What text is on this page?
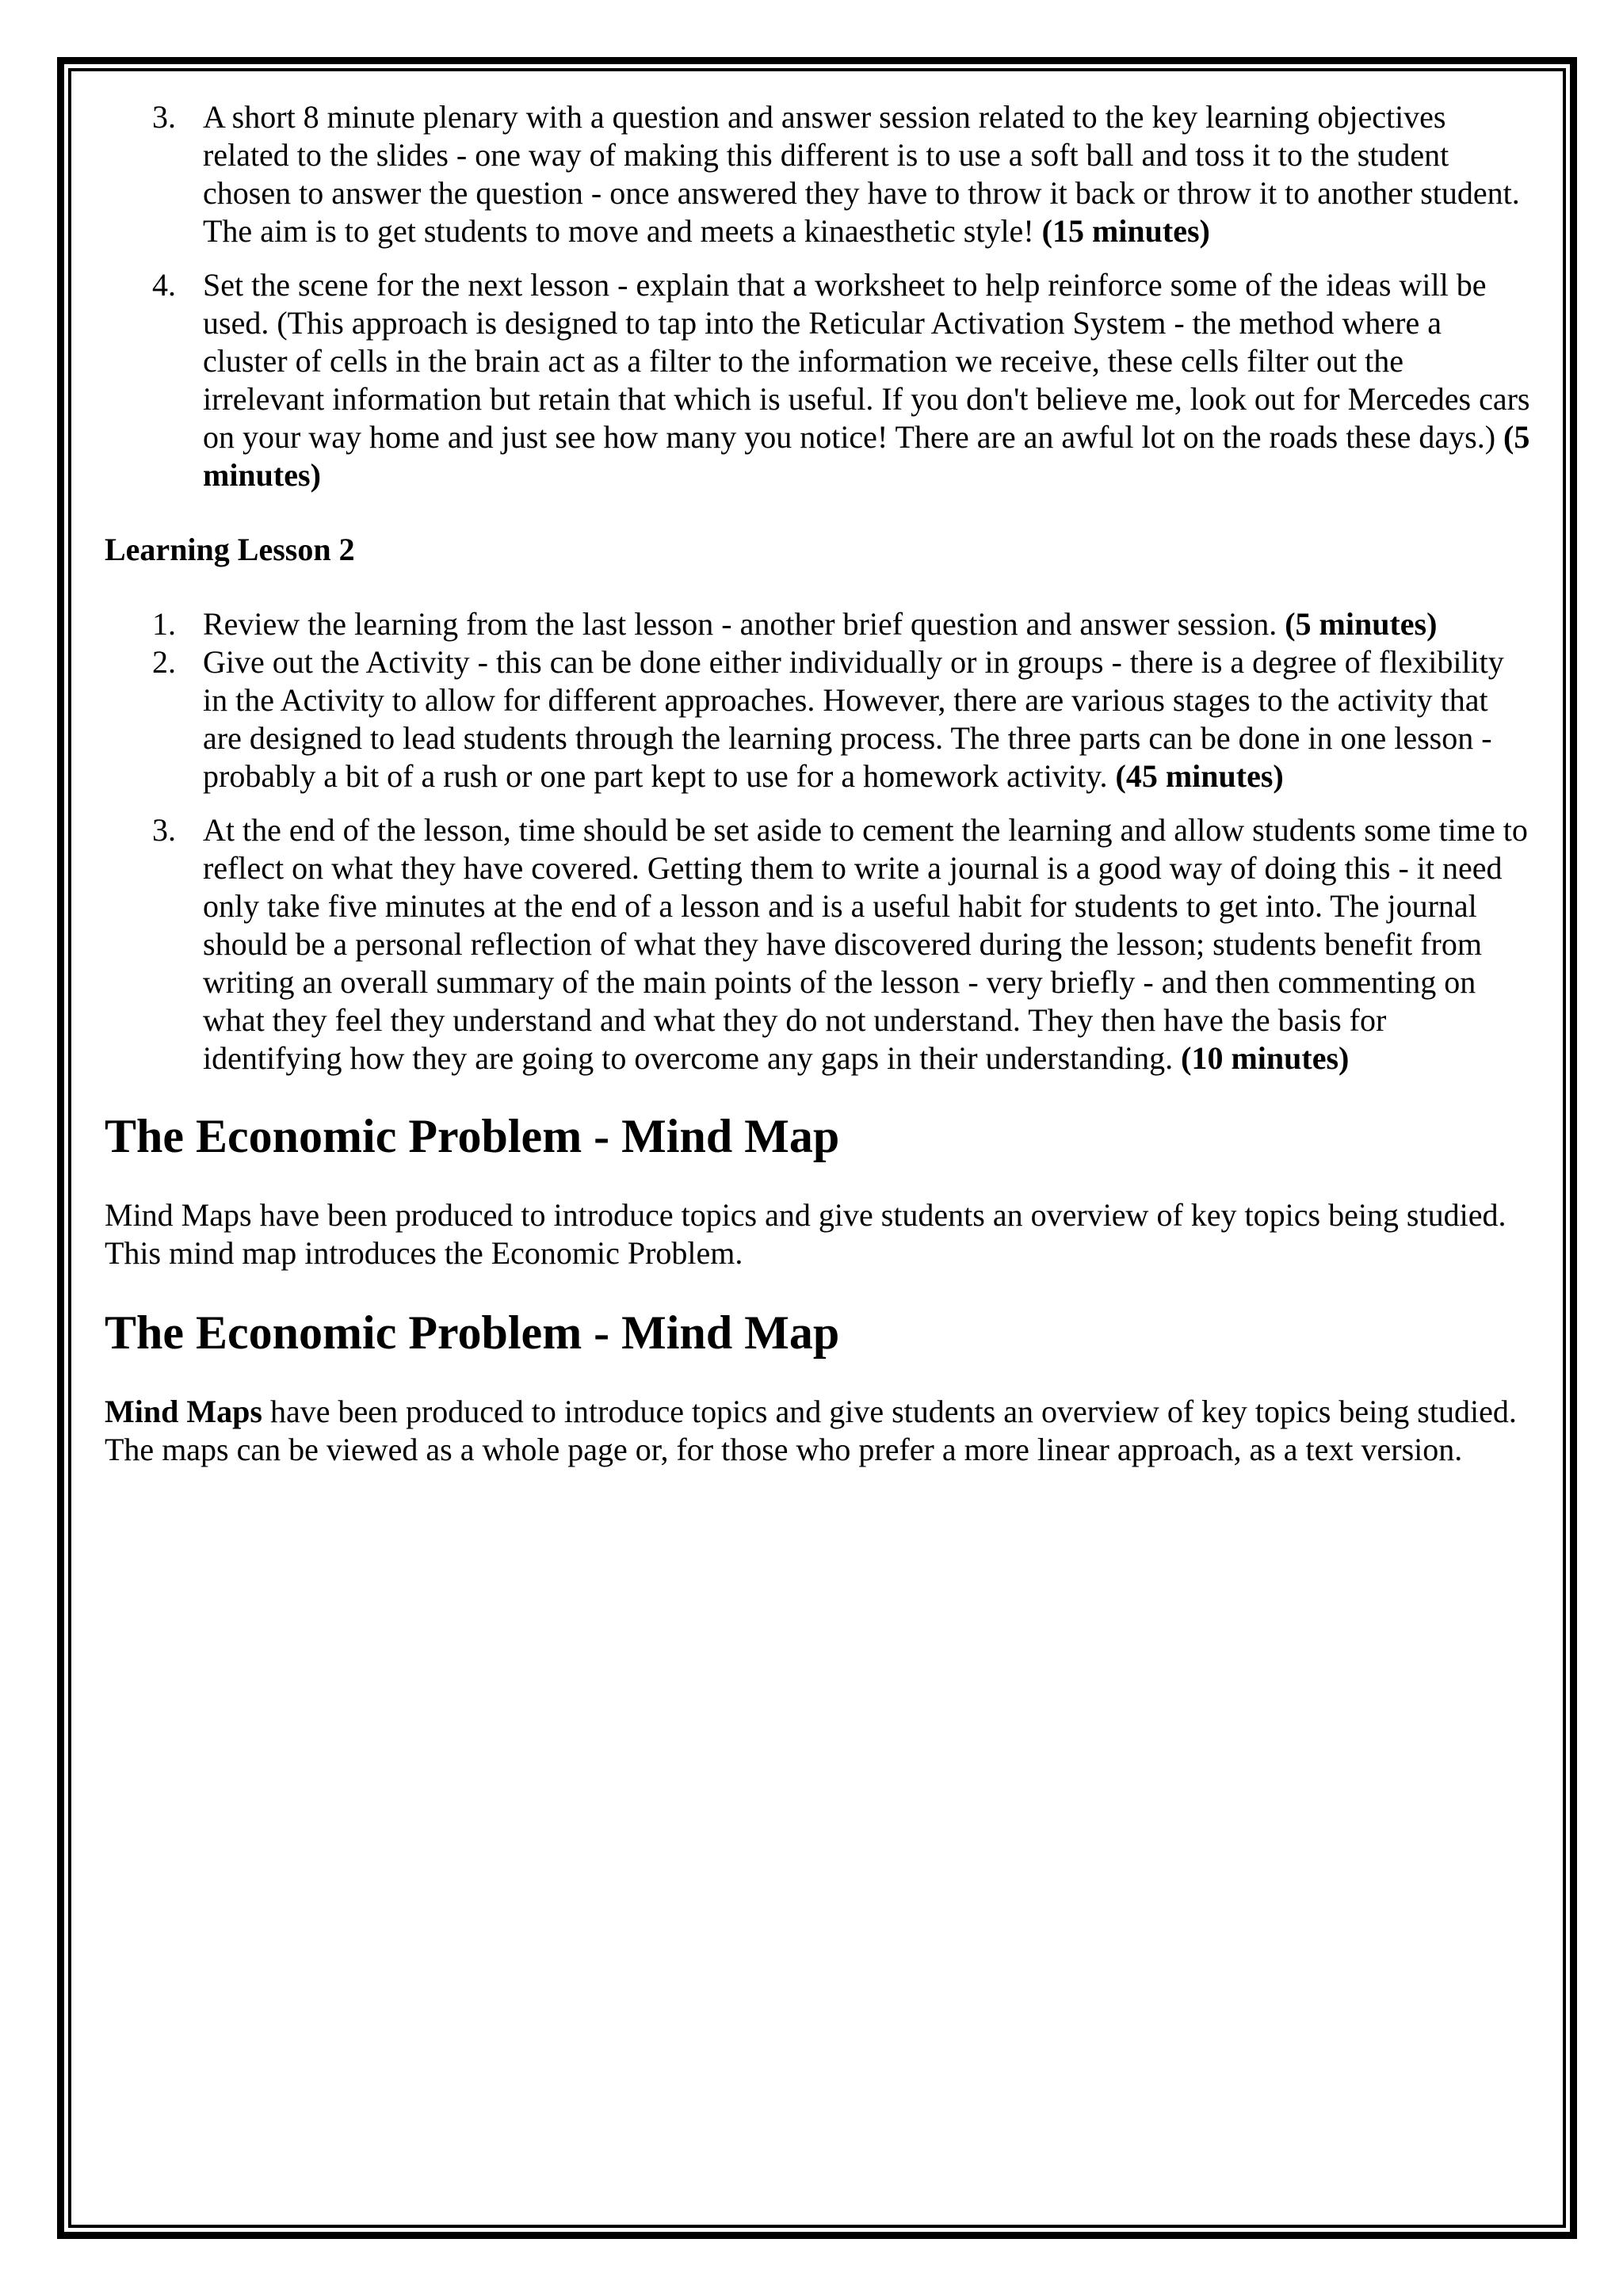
3. A short 8 minute plenary with a question and answer session related to the key learning objectives related to the slides - one way of making this different is to use a soft ball and toss it to the student chosen to answer the question - once answered they have to throw it back or throw it to another student. The aim is to get students to move and meets a kinaesthetic style! (15 minutes)
4. Set the scene for the next lesson - explain that a worksheet to help reinforce some of the ideas will be used. (This approach is designed to tap into the Reticular Activation System - the method where a cluster of cells in the brain act as a filter to the information we receive, these cells filter out the irrelevant information but retain that which is useful. If you don't believe me, look out for Mercedes cars on your way home and just see how many you notice! There are an awful lot on the roads these days.) (5 minutes)
Learning Lesson 2
1. Review the learning from the last lesson - another brief question and answer session. (5 minutes)
2. Give out the Activity - this can be done either individually or in groups - there is a degree of flexibility in the Activity to allow for different approaches. However, there are various stages to the activity that are designed to lead students through the learning process. The three parts can be done in one lesson - probably a bit of a rush or one part kept to use for a homework activity. (45 minutes)
3. At the end of the lesson, time should be set aside to cement the learning and allow students some time to reflect on what they have covered. Getting them to write a journal is a good way of doing this - it need only take five minutes at the end of a lesson and is a useful habit for students to get into. The journal should be a personal reflection of what they have discovered during the lesson; students benefit from writing an overall summary of the main points of the lesson - very briefly - and then commenting on what they feel they understand and what they do not understand. They then have the basis for identifying how they are going to overcome any gaps in their understanding. (10 minutes)
The Economic Problem - Mind Map

Mind Maps have been produced to introduce topics and give students an overview of key topics being studied. This mind map introduces the Economic Problem.

The Economic Problem - Mind Map

Mind Maps have been produced to introduce topics and give students an overview of key topics being studied. The maps can be viewed as a whole page or, for those who prefer a more linear approach, as a text version.
